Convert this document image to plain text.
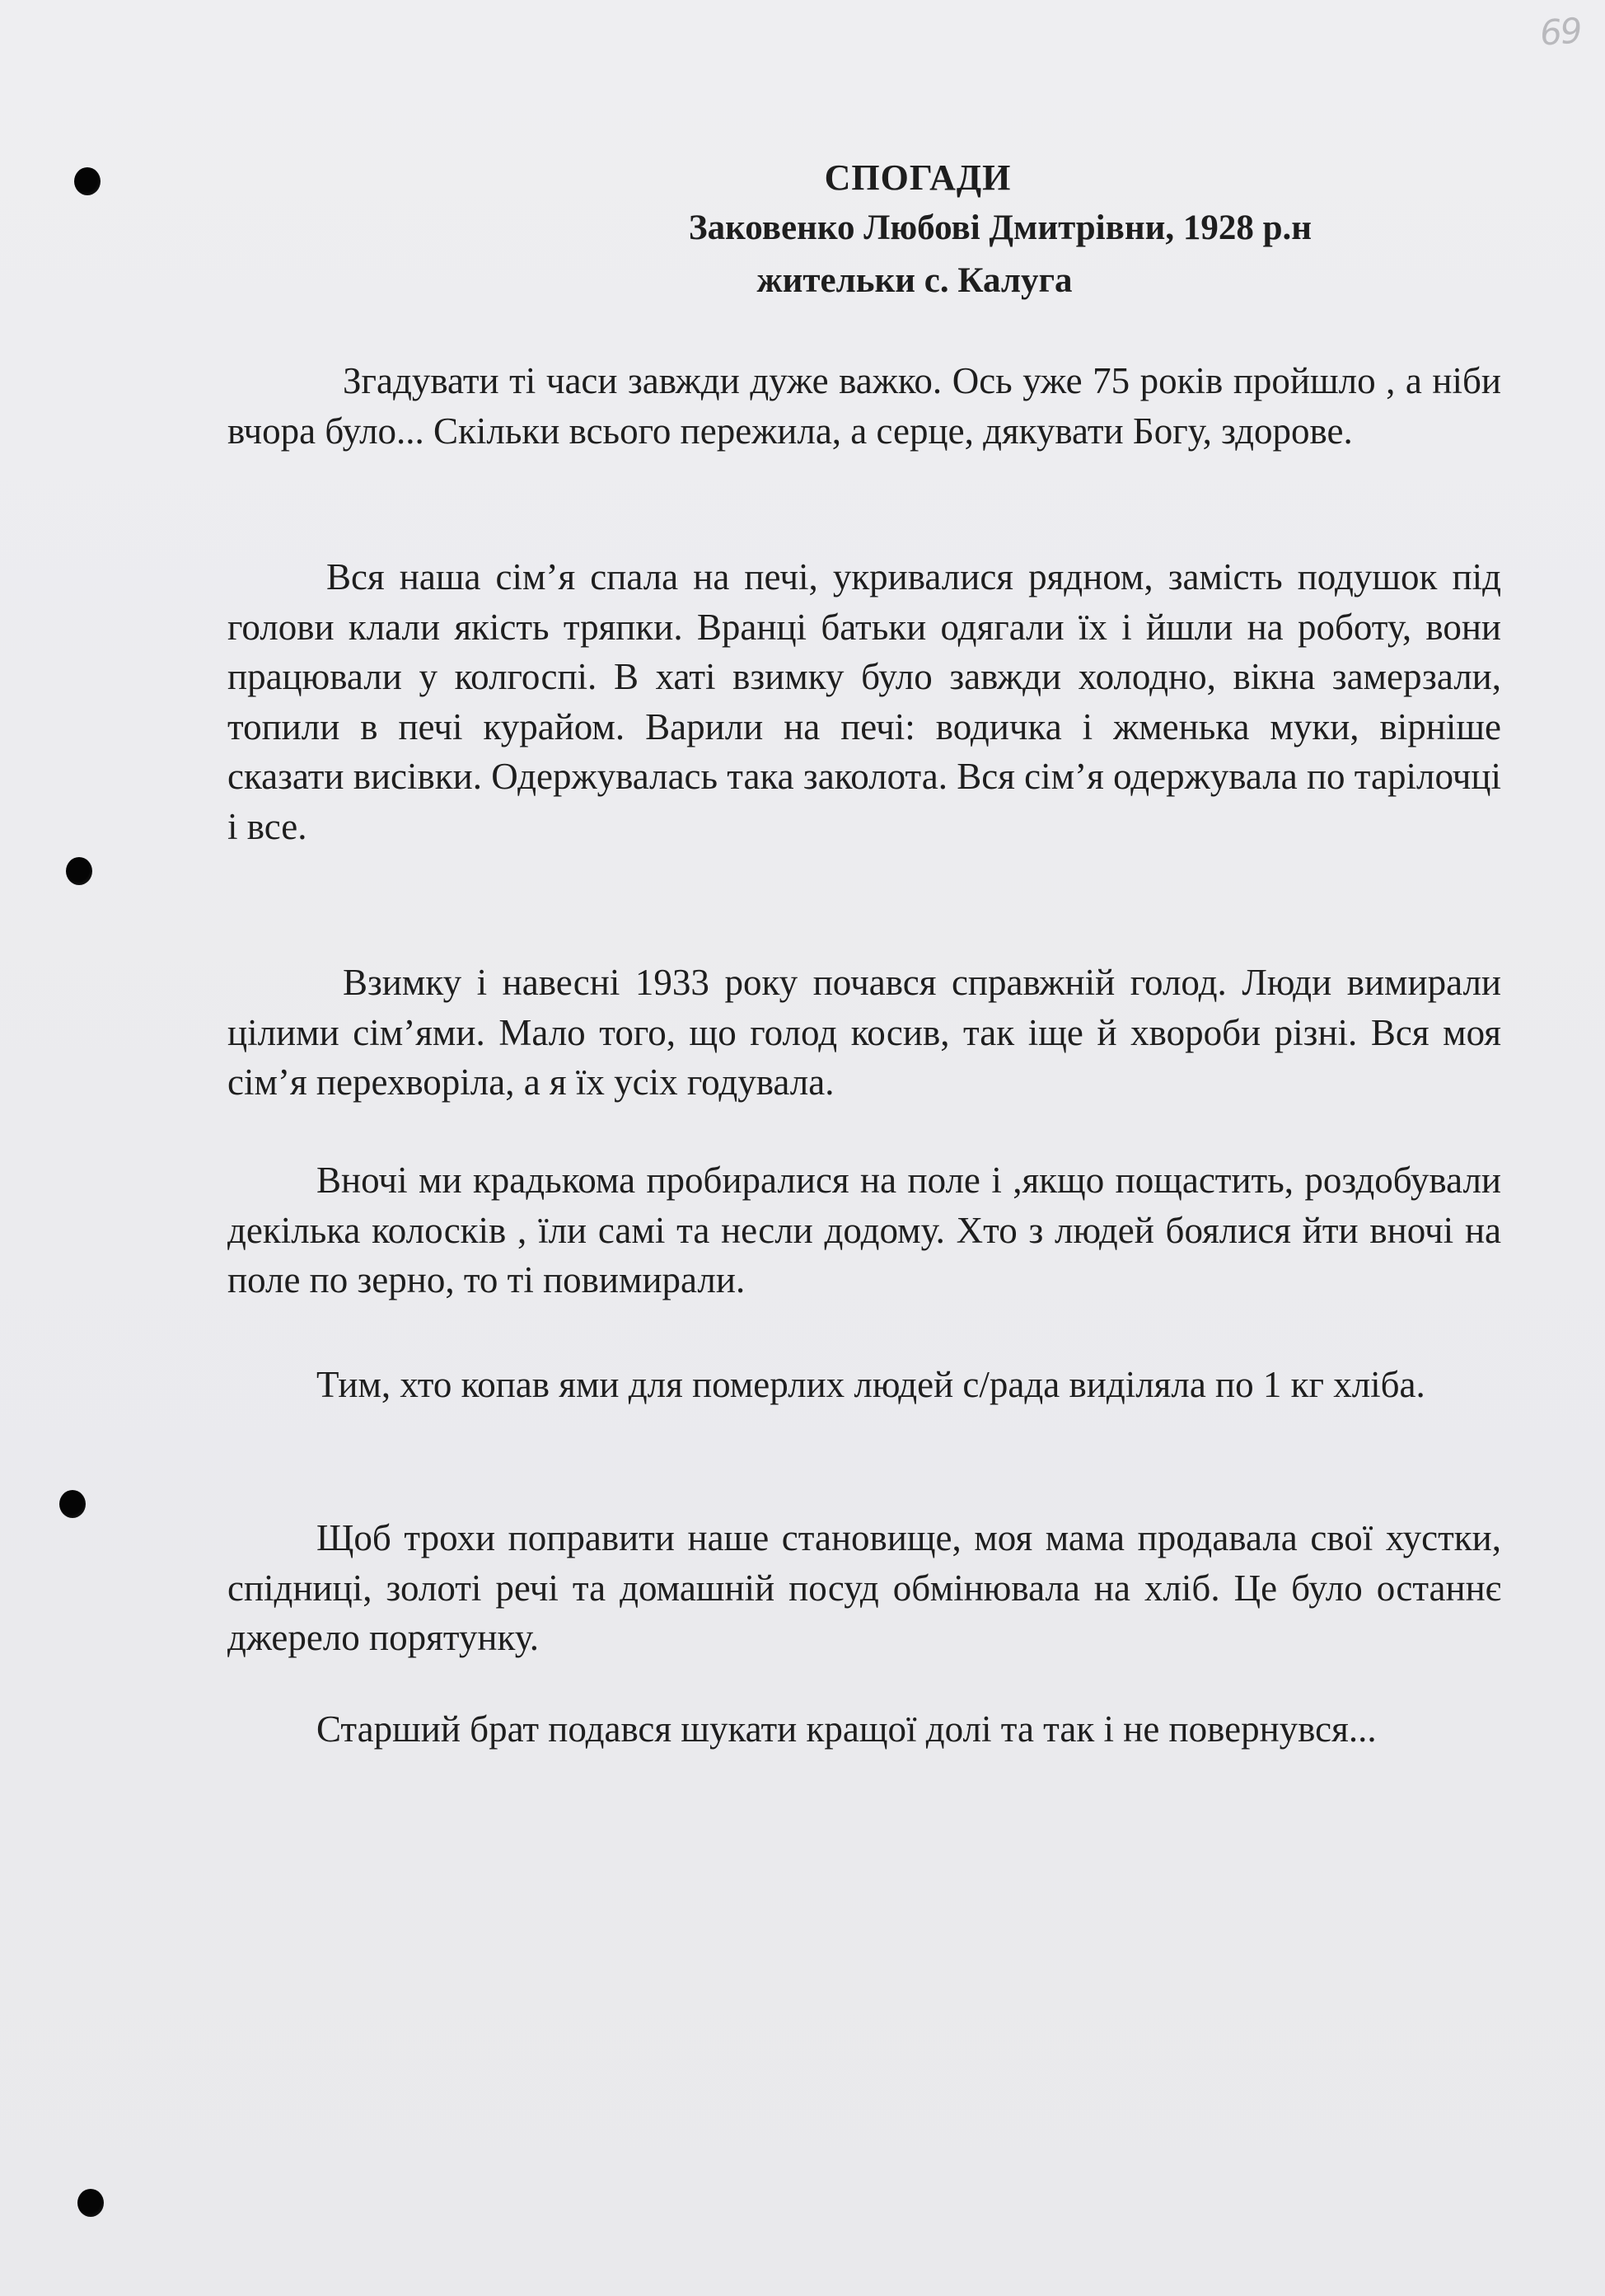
69
СПОГАДИ
Заковенко Любові Дмитрівни, 1928 р.н
жительки с. Калуга

Згадувати ті часи завжди дуже важко. Ось уже 75 років пройшло , а ніби вчора було... Скільки всього пережила, а серце, дякувати Богу, здорове.

Вся наша сім’я спала на печі, укривалися рядном, замість подушок під голови клали якість тряпки. Вранці батьки одягали їх і йшли на роботу, вони працювали у колгоспі. В хаті взимку було завжди холодно, вікна замерзали, топили в печі курайом. Варили на печі: водичка і жменька муки, вірніше сказати висівки. Одержувалась така заколота. Вся сім’я одержувала по тарілочці і все.

Взимку і навесні 1933 року почався справжній голод. Люди вимирали цілими сім’ями. Мало того, що голод косив, так іще й хвороби різні. Вся моя сім’я перехворіла, а я їх усіх годувала.

Вночі ми крадькома пробиралися на поле і ,якщо пощастить, роздобували декілька колосків , їли самі та несли додому. Хто з людей боялися йти вночі на поле по зерно, то ті повимирали.

Тим, хто копав ями для померлих людей с/рада виділяла по 1 кг хліба.

Щоб трохи поправити наше становище, моя мама продавала свої хустки, спідниці, золоті речі та домашній посуд обмінювала на хліб. Це було останнє джерело порятунку.

Старший брат подався шукати кращої долі та так і не повернувся...
